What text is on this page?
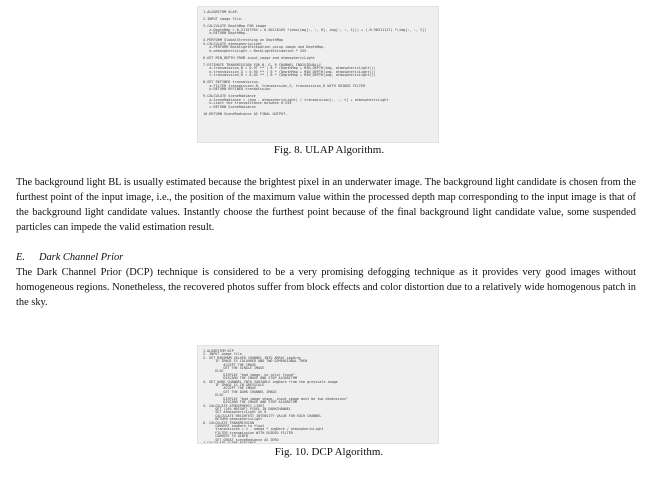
1.ALGORITHM ULAP.

2.INPUT image file.

3.CALCULATE DepthMap FOR image
a.DepthMap = 0.51157954 + 0.50116165 *(max(img[:, :, 0], img[:, :, 1])) + (-0.90511117) *(img[:, :, 2])
b.RETURN DepthMap.

4.PERFORM GlobalStretching on DepthMap
5.CALCULATE atmosphericLight
a.PERFORM BackLightEstimation using image and DepthMap.
b.atmosphericLight = BackLightEstimation * 255

6.GET MIN_DEPTH FROM input_image and atmosphericLight

7.ESTIMATE TRANSMISSION FOR B, G, R CHANNEL INDIVIDUALLY
a.transmission_B = 0.97 ** ( 8 * (DepthMap + MIN_DEPTH(img, atmosphericLight)))
b.transmission_G = 0.95 ** ( 8 * (DepthMap + MIN_DEPTH(img, atmosphericLight)))
c.transmission_R = 0.83 ** ( 8 * (DepthMap + MIN_DEPTH(img, atmosphericLight)))

8.GET REFINED transmission.
a.FILTER transmission_B, transmission_G, transmission_R WITH GUIDED FILTER
b.RETURN REFINED transmission

9.CALCULATE SceneRadiance
a.SceneRadiance = (img - atmosphericLight) / transmission[:, :, t] + atmosphericLight
b.Limit the transmittance between 0~255
c.RETURN SceneRadiance

10.RETURN SceneRadiance AS FINAL OUTPUT.
Fig. 8. ULAP Algorithm.

The background light BL is usually estimated because the brightest pixel in an underwater image. The background light candidate is chosen from the furthest point of the input image, i.e., the position of the maximum value within the processed depth map corresponding to the input image is that of the background light candidate values. Instantly choose the furthest point because of the final background light candidate value, some suspended particles can impede the valid estimation result.

E. Dark Channel Prior

The Dark Channel Prior (DCP) technique is considered to be a very promising defogging technique as it provides very good images without homogeneous regions. Nonetheless, the recovered photos suffer from block effects and color distortion due to a relatively wide homogenous patch in the sky.

1.ALGORITHM DCP
2. INPUT image file.
3. GET MINIMUM VALUED CHANNEL INTO ARRAY imgGray
IF IMAGE IS COLOURED AND TWO DIMENSIONAL THEN
ACCEPT THE IMAGE
GET THE SINGLE IMAGE
ELSE
DISPLAY "bad image, no color found"
DISCARD THE IMAGE AND STOP ALGORITHM
4. GET DARK CHANNEL INTO VARIABLE imgDark from the greyscale image
IF IMAGE IS IN GREYSCALE
ACCEPT THE IMAGE
GET THE DARK CHANNEL IMAGE
ELSE
DISPLAY "bad image shape, input image must be two dimensions"
DISCARD THE IMAGE AND STOP ALGORITHM
5. CALCULATE ATMOSPHERIC LIGHT
GET (10% BRIGHT) PIXEL IN DARKCHANNEL
SET atmosphericLight AS 0
CALCULATE BRIGHTEST INTENSITY VALUE FOR EACH CHANNEL
RETURN atmosphericLight
6. CALCULATE TRANSMISSION
CONVERT imgDark to float
transmission = 1 - omega * imgDark / atmosphericLight
FILTER transmission WITH GUIDED FILTER
CONVERT TO UINT8
SET GREAT sceneRadiance AS ZERO
7.CALCULATE SCENE RADIANCE
Fig. 10. DCP Algorithm.
